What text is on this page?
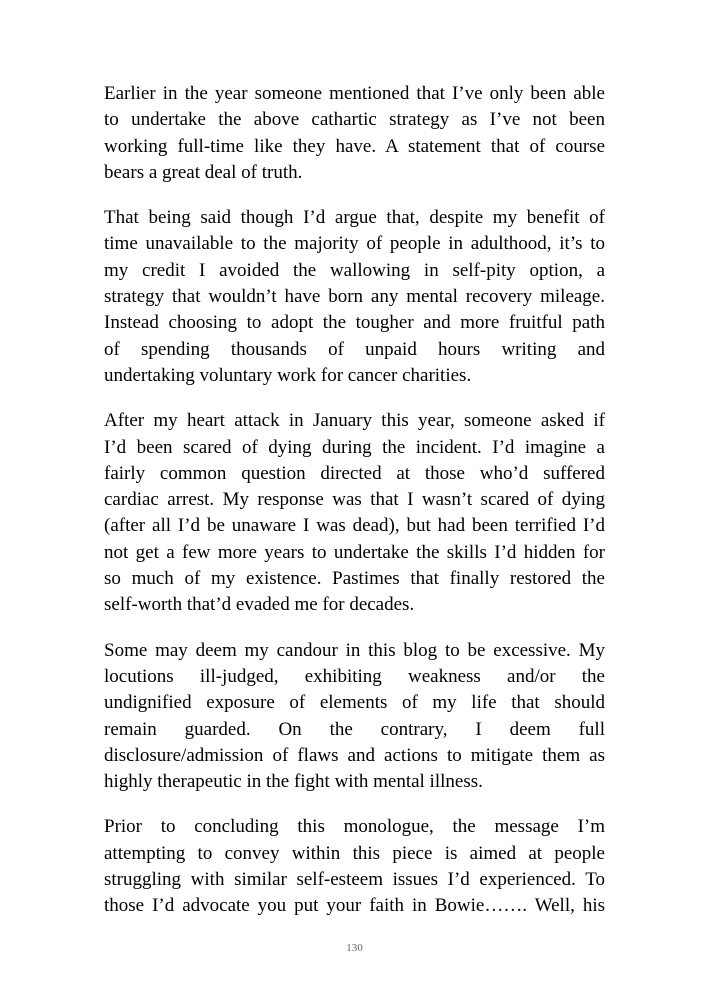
Earlier in the year someone mentioned that I’ve only been able
to undertake the above cathartic strategy as I’ve not been
working full-time like they have. A statement that of course
bears a great deal of truth.
That being said though I’d argue that, despite my benefit of
time unavailable to the majority of people in adulthood, it’s to
my credit I avoided the wallowing in self-pity option, a
strategy that wouldn’t have born any mental recovery mileage.
Instead choosing to adopt the tougher and more fruitful path
of spending thousands of unpaid hours writing and
undertaking voluntary work for cancer charities.
After my heart attack in January this year, someone asked if
I’d been scared of dying during the incident. I’d imagine a
fairly common question directed at those who’d suffered
cardiac arrest. My response was that I wasn’t scared of dying
(after all I’d be unaware I was dead), but had been terrified I’d
not get a few more years to undertake the skills I’d hidden for
so much of my existence. Pastimes that finally restored the
self-worth that’d evaded me for decades.
Some may deem my candour in this blog to be excessive. My
locutions ill-judged, exhibiting weakness and/or the
undignified exposure of elements of my life that should
remain guarded. On the contrary, I deem full
disclosure/admission of flaws and actions to mitigate them as
highly therapeutic in the fight with mental illness.
Prior to concluding this monologue, the message I’m
attempting to convey within this piece is aimed at people
struggling with similar self-esteem issues I’d experienced. To
those I’d advocate you put your faith in Bowie……. Well, his
130
